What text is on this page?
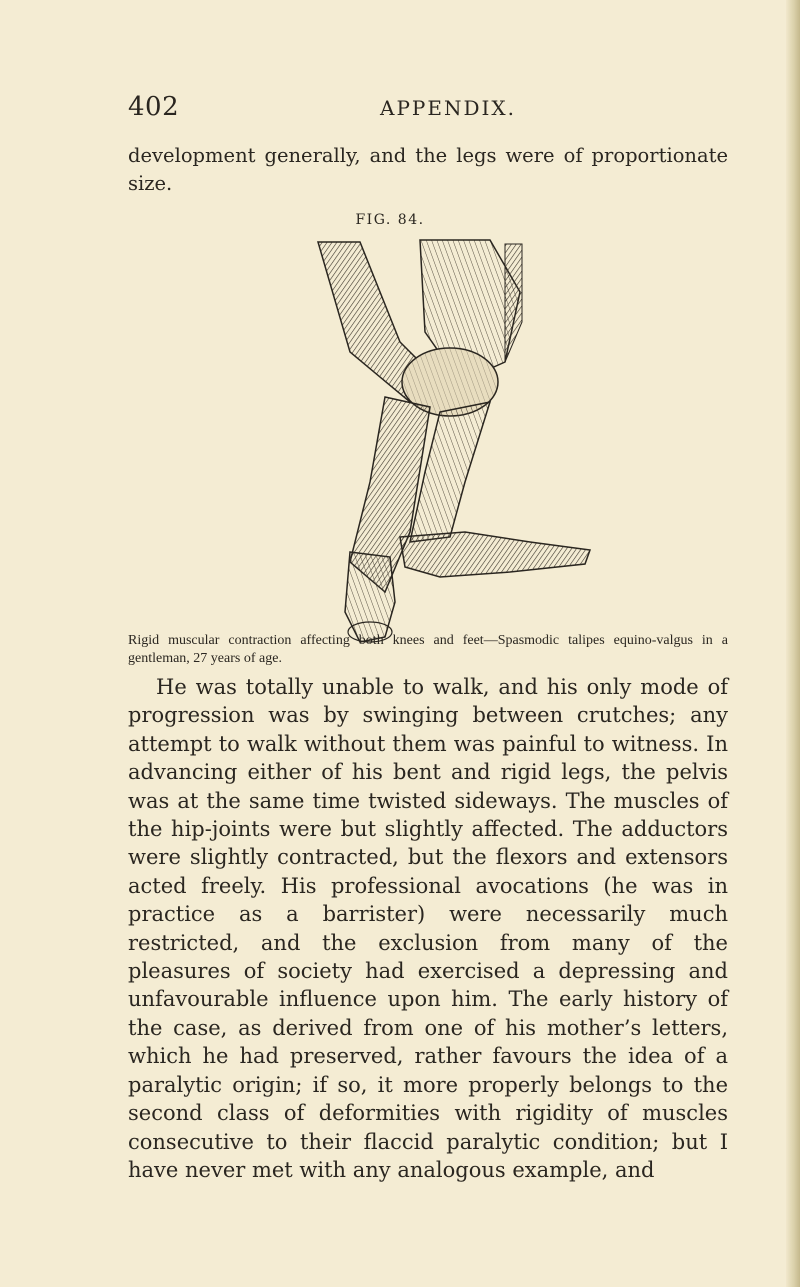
402	APPENDIX.
development generally, and the legs were of proportionate size.
FIG. 84.
Rigid muscular contraction affecting both knees and feet—Spasmodic talipes equino-valgus in a gentleman, 27 years of age.

He was totally unable to walk, and his only mode of progression was by swinging between crutches; any attempt to walk without them was painful to witness. In advancing either of his bent and rigid legs, the pelvis was at the same time twisted sideways. The muscles of the hip-joints were but slightly affected. The adductors were slightly contracted, but the flexors and extensors acted freely. His professional avocations (he was in practice as a barrister) were necessarily much restricted, and the exclusion from many of the pleasures of society had exercised a depressing and unfavourable influence upon him. The early history of the case, as derived from one of his mother’s letters, which he had preserved, rather favours the idea of a paralytic origin; if so, it more properly belongs to the second class of deformities with rigidity of muscles consecutive to their flaccid paralytic condition; but I have never met with any analogous example, and
